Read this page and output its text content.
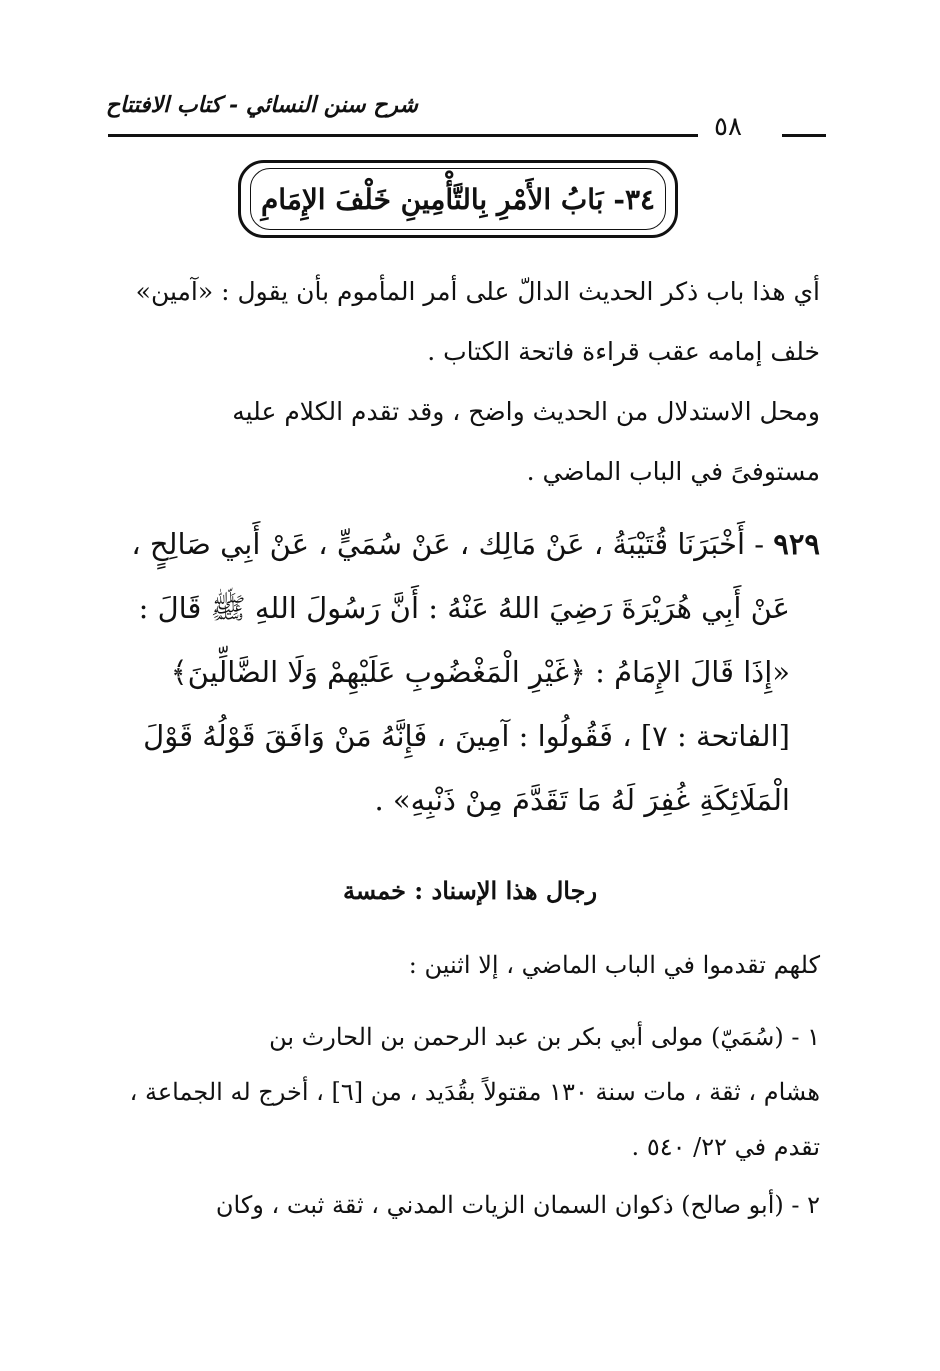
شرح سنن النسائي - كتاب الافتتاح
٥٨
٣٤- بَابُ الأَمْرِ بِالتَّأْمِينِ خَلْفَ الإِمَامِ
أي هذا باب ذكر الحديث الدالّ على أمر المأموم بأن يقول : «آمين»
خلف إمامه عقب قراءة فاتحة الكتاب .
ومحل الاستدلال من الحديث واضح ، وقد تقدم الكلام عليه
مستوفىً في الباب الماضي .
٩٢٩ - أَخْبَرَنَا قُتَيْبَةُ ، عَنْ مَالِك ، عَنْ سُمَيٍّ ، عَنْ أَبِي صَالِحٍ ،
عَنْ أَبِي هُرَيْرَةَ رَضِيَ اللهُ عَنْهُ : أَنَّ رَسُولَ اللهِ ﷺ قَالَ :
«إِذَا قَالَ الإِمَامُ : ﴿غَيْرِ الْمَغْضُوبِ عَلَيْهِمْ وَلَا الضَّالِّينَ﴾
[الفاتحة : ٧] ، فَقُولُوا : آمِينَ ، فَإِنَّهُ مَنْ وَافَقَ قَوْلُهُ قَوْلَ
الْمَلَائِكَةِ غُفِرَ لَهُ مَا تَقَدَّمَ مِنْ ذَنْبِهِ» .
رجال هذا الإسناد : خمسة
كلهم تقدموا في الباب الماضي ، إلا اثنين :
١ - (سُمَيّ) مولى أبي بكر بن عبد الرحمن بن الحارث بن
هشام ، ثقة ، مات سنة ١٣٠ مقتولاً بقُدَيد ، من [٦] ، أخرج له الجماعة ،
تقدم في ٢٢/ ٥٤٠ .
٢ - (أبو صالح) ذكوان السمان الزيات المدني ، ثقة ثبت ، وكان
